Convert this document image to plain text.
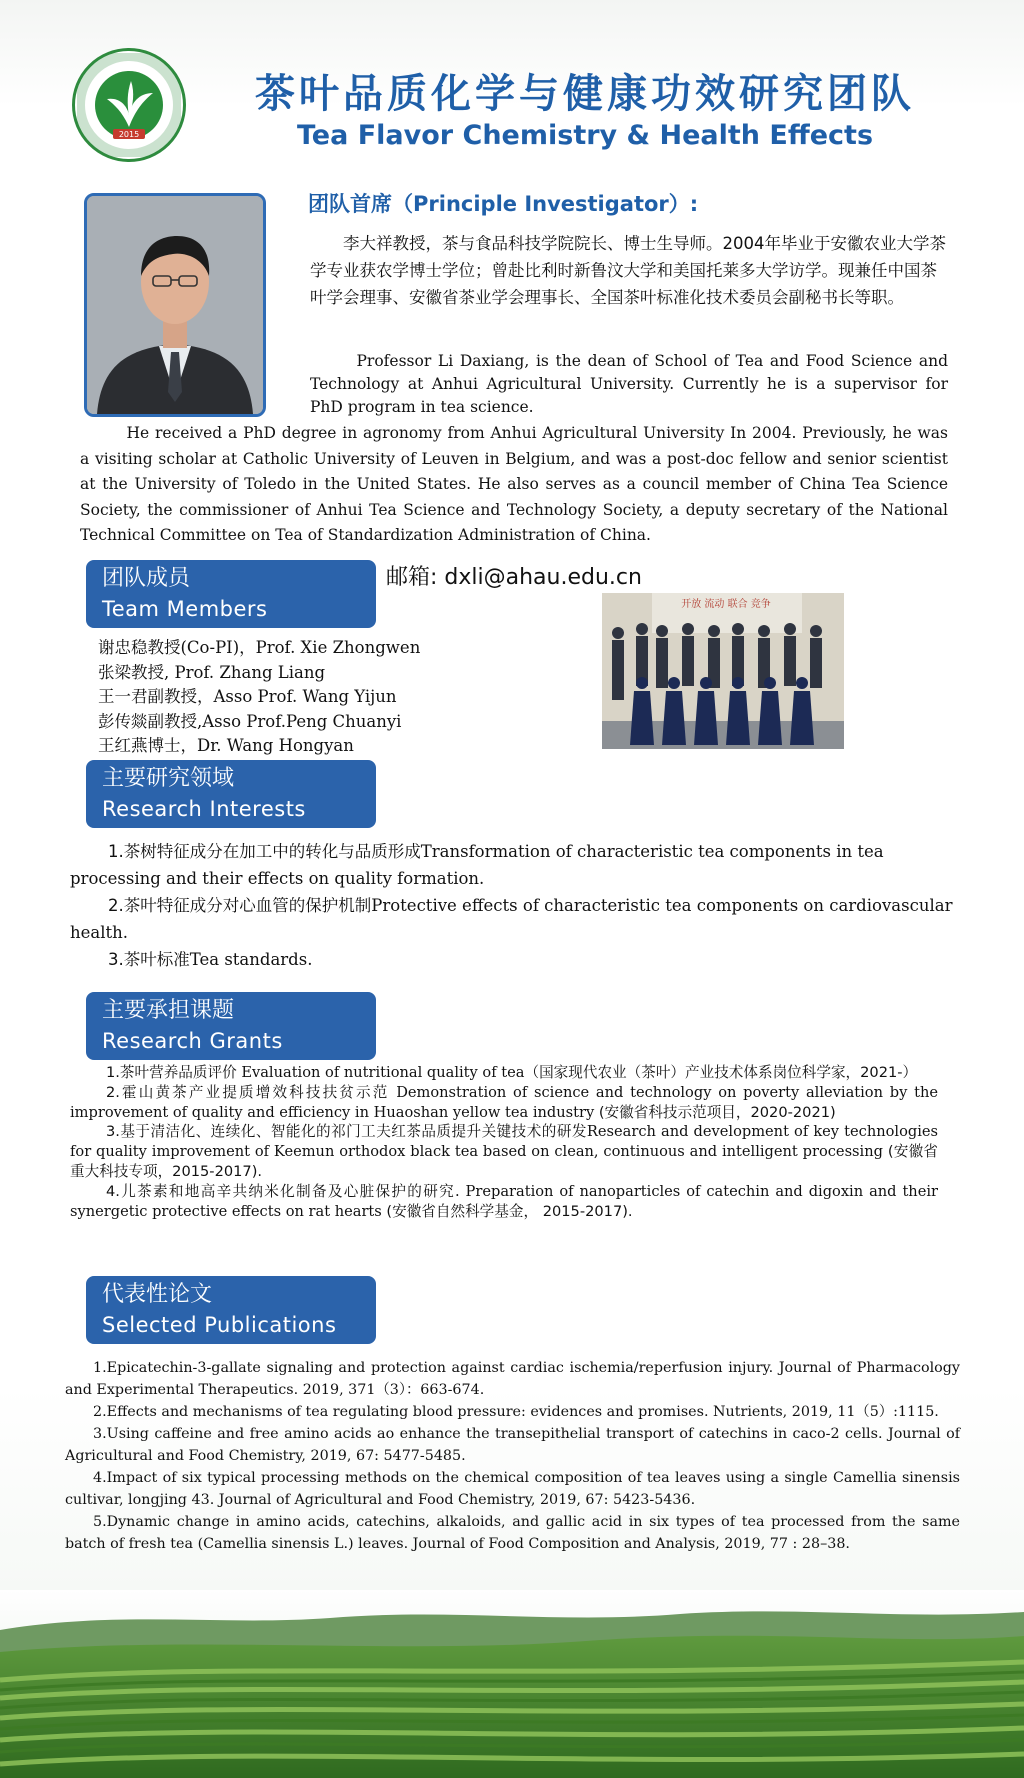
2015
茶叶品质化学与健康功效研究团队
Tea Flavor Chemistry & Health Effects
团队首席（Principle Investigator）:

李大祥教授，茶与食品科技学院院长、博士生导师。2004年毕业于安徽农业大学茶学专业获农学博士学位；曾赴比利时新鲁汶大学和美国托莱多大学访学。现兼任中国茶叶学会理事、安徽省茶业学会理事长、全国茶叶标准化技术委员会副秘书长等职。

Professor Li Daxiang, is the dean of School of Tea and Food Science and Technology at Anhui Agricultural University. Currently he is a supervisor for PhD program in tea science.

He received a PhD degree in agronomy from Anhui Agricultural University In 2004. Previously, he was a visiting scholar at Catholic University of Leuven in Belgium, and was a post-doc fellow and senior scientist at the University of Toledo in the United States. He also serves as a council member of China Tea Science Society, the commissioner of Anhui Tea Science and Technology Society, a deputy secretary of the National Technical Committee on Tea of Standardization Administration of China.

团队成员
Team Members
邮箱: dxli@ahau.edu.cn
谢忠稳教授(Co-PI)，Prof. Xie Zhongwen
张梁教授, Prof. Zhang Liang
王一君副教授，Asso Prof. Wang Yijun
彭传燚副教授,Asso Prof.Peng Chuanyi
王红燕博士，Dr. Wang Hongyan
开放 流动 联合 竞争
主要研究领域
Research Interests

1.茶树特征成分在加工中的转化与品质形成Transformation of characteristic tea components in tea processing and their effects on quality formation.

2.茶叶特征成分对心血管的保护机制Protective effects of characteristic tea components on cardiovascular health.

3.茶叶标准Tea standards.

主要承担课题
Research Grants

1.茶叶营养品质评价 Evaluation of nutritional quality of tea（国家现代农业（茶叶）产业技术体系岗位科学家，2021-）

2.霍山黄茶产业提质增效科技扶贫示范 Demonstration of science and technology on poverty alleviation by the improvement of quality and efficiency in Huaoshan yellow tea industry (安徽省科技示范项目，2020-2021)

3.基于清洁化、连续化、智能化的祁门工夫红茶品质提升关键技术的研发Research and development of key technologies for quality improvement of Keemun orthodox black tea based on clean, continuous and intelligent processing (安徽省重大科技专项，2015-2017).

4.儿茶素和地高辛共纳米化制备及心脏保护的研究. Preparation of nanoparticles of catechin and digoxin and their synergetic protective effects on rat hearts (安徽省自然科学基金， 2015-2017).

代表性论文
Selected Publications

1.Epicatechin-3-gallate signaling and protection against cardiac ischemia/reperfusion injury. Journal of Pharmacology and Experimental Therapeutics. 2019, 371（3）：663-674.

2.Effects and mechanisms of tea regulating blood pressure: evidences and promises. Nutrients, 2019, 11（5）:1115.

3.Using caffeine and free amino acids ao enhance the transepithelial transport of catechins in caco-2 cells. Journal of Agricultural and Food Chemistry, 2019, 67: 5477-5485.

4.Impact of six typical processing methods on the chemical composition of tea leaves using a single Camellia sinensis cultivar, longjing 43. Journal of Agricultural and Food Chemistry, 2019, 67: 5423-5436.

5.Dynamic change in amino acids, catechins, alkaloids, and gallic acid in six types of tea processed from the same batch of fresh tea (Camellia sinensis L.) leaves. Journal of Food Composition and Analysis, 2019, 77 : 28–38.
